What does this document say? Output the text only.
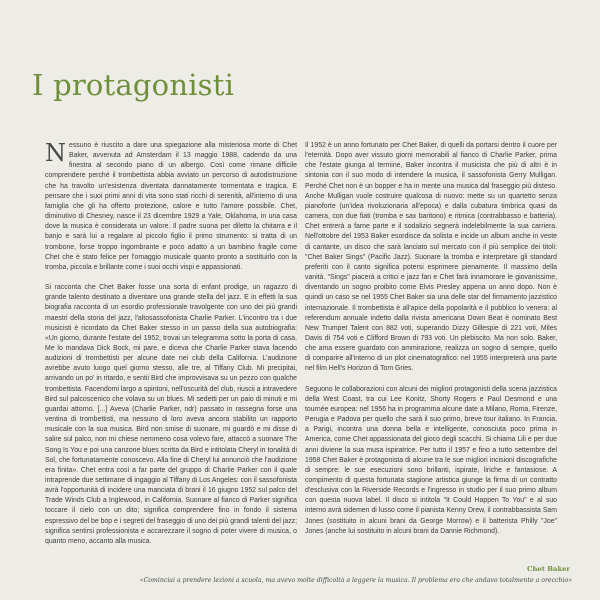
I protagonisti

Nessuno è riuscito a dare una spiegazione alla misteriosa morte di Chet Baker, avvenuta ad Amsterdam il 13 maggio 1988, cadendo da una finestra al secondo piano di un albergo. Così come rimane difficile comprendere perché il trombettista abbia avviato un percorso di autodistruzione che ha travolto un'esistenza diventata dannatamente tormentata e tragica. E pensare che i suoi primi anni di vita sono stati ricchi di serenità, all'interno di una famiglia che gli ha offerto protezione, calore e tutto l'amore possibile. Chet, diminutivo di Chesney, nasce il 23 dicembre 1929 a Yale, Oklahoma, in una casa dove la musica è considerata un valore. Il padre suona per diletto la chitarra e il banjo e sarà lui a regalare al piccolo figlio il primo strumento: si tratta di un trombone, forse troppo ingombrante e poco adatto a un bambino fragile come Chet che è stato felice per l'omaggio musicale quanto pronto a sostituirlo con la tromba, piccola e brillante come i suoi occhi vispi e appassionati.

Si racconta che Chet Baker fosse una sorta di enfant prodige, un ragazzo di grande talento destinato a diventare una grande stella del jazz. E in effetti la sua biografia racconta di un esordio professionale travolgente con uno dei più grandi maestri della storia del jazz, l'altosassofonista Charlie Parker. L'incontro tra i due musicisti è ricordato da Chet Baker stesso in un passo della sua autobiografia: «Un giorno, durante l'estate del 1952, trovai un telegramma sotto la porta di casa. Me lo mandava Dick Bock, mi pare, e diceva che Charlie Parker stava facendo audizioni di trombettisti per alcune date nei club della California. L'audizione avrebbe avuto luogo quel giorno stesso, alle tre, al Tiffany Club. Mi precipitai, arrivando un po' in ritardo, e sentii Bird che improvvisava su un pezzo con qualche trombettista. Facendomi largo a spintoni, nell'oscurità del club, riuscii a intravedere Bird sul palcoscenico che volava su un blues. Mi sedetti per un paio di minuti e mi guardai attorno. [...] Aveva (Charlie Parker, ndr) passato in rassegna forse una ventina di trombettisti, ma nessuno di loro aveva ancora stabilito un rapporto musicale con la sua musica. Bird non smise di suonare, mi guardò e mi disse di salire sul palco, non mi chiese nemmeno cosa volevo fare, attaccò a suonare The Song Is You e poi una canzone blues scritta da Bird e intitolata Cheryl in tonalità di Sol, che fortunatamente conoscevo. Alla fine di Cheryl lui annunciò che l'audizione era finita». Chet entra così a far parte del gruppo di Charlie Parker con il quale intraprende due settimane di ingaggio al Tiffany di Los Angeles: con il sassofonista avrà l'opportunità di incidere una manciata di brani il 16 giugno 1952 sul palco del Trade Winds Club a Inglewood, in California. Suonare al fianco di Parker significa toccare il cielo con un dito; significa comprendere fino in fondo il sistema espressivo del be bop e i segreti del fraseggio di uno dei più grandi talenti del jazz; significa sentirsi professionista e accarezzare il sogno di poter vivere di musica, o quanto meno, accanto alla musica.

Il 1952 è un anno fortunato per Chet Baker, di quelli da portarsi dentro il cuore per l'eternità. Dopo aver vissuto giorni memorabili al fianco di Charlie Parker, prima che l'estate giunga al termine, Baker incontra il musicista che più di altri è in sintonia con il suo modo di intendere la musica, il sassofonista Gerry Mulligan. Perché Chet non è un bopper e ha in mente una musica dal fraseggio più disteso. Anche Mulligan vuole costruire qualcosa di nuovo: mette su un quartetto senza pianoforte (un'idea rivoluzionaria all'epoca) e dalla cubatura timbrica quasi da camera, con due fiati (tromba e sax baritono) e ritmica (contrabbasso e batteria). Chet entrerà a farne parte e il sodalizio segnerà indelebilmente la sua carriera. Nell'ottobre del 1953 Baker esordisce da solista e incide un album anche in veste di cantante, un disco che sarà lanciato sul mercato con il più semplice dei titoli: "Chet Baker Sings" (Pacific Jazz). Suonare la tromba e interpretare gli standard preferiti con il canto significa potersi esprimere pienamente. Il massimo della vanità. "Sings" piacerà a critici e jazz fan e Chet farà innamorare le giovanissime, diventando un sogno proibito come Elvis Presley appena un anno dopo. Non è quindi un caso se nel 1955 Chet Baker sia una delle star del firmamento jazzistico internazionale. Il trombettista è all'apice della popolarità e il pubblico lo venera: al referendum annuale indetto dalla rivista americana Down Beat è nominato Best New Trumpet Talent con 882 voti, superando Dizzy Gillespie di 221 voti, Miles Davis di 754 voti e Clifford Brown di 793 voti. Un plebiscito. Ma non solo. Baker, che ama essere guardato con ammirazione, realizza un sogno di sempre, quello di comparire all'interno di un plot cinematografico: nel 1955 interpreterà una parte nel film Hell's Horizon di Tom Gries.

Seguono le collaborazioni con alcuni dei migliori protagonisti della scena jazzistica della West Coast, tra cui Lee Konitz, Shorty Rogers e Paul Desmond e una tournée europea: nel 1956 ha in programma alcune date a Milano, Roma, Firenze, Perugia e Padova per quello che sarà il suo primo, breve tour italiano. In Francia, a Parigi, incontra una donna bella e intelligente, conosciuta poco prima in America, come Chet appassionata del gioco degli scacchi. Si chiama Lili e per due anni diviene la sua musa ispiratrice. Per tutto il 1957 e fino a tutto settembre del 1958 Chet Baker è protagonista di alcune tra le sue migliori incisioni discografiche di sempre: le sue esecuzioni sono brillanti, ispirate, liriche e fantasiose. A compimento di questa fortunata stagione artistica giunge la firma di un contratto d'esclusiva con la Riverside Records e l'ingresso in studio per il suo primo album con questa nuova label. Il disco si intitola "It Could Happen To You" e al suo interno avrà sidemen di lusso come il pianista Kenny Drew, il contrabbassista Sam Jones (sostituito in alcuni brani da George Morrow) e il batterista Philly "Joe" Jones (anche lui sostituito in alcuni brani da Dannie Richmond).

Chet Baker
«Cominciai a prendere lezioni a scuola, ma avevo molte difficoltà a leggere la musica. Il problema era che andavo totalmente a orecchio»
